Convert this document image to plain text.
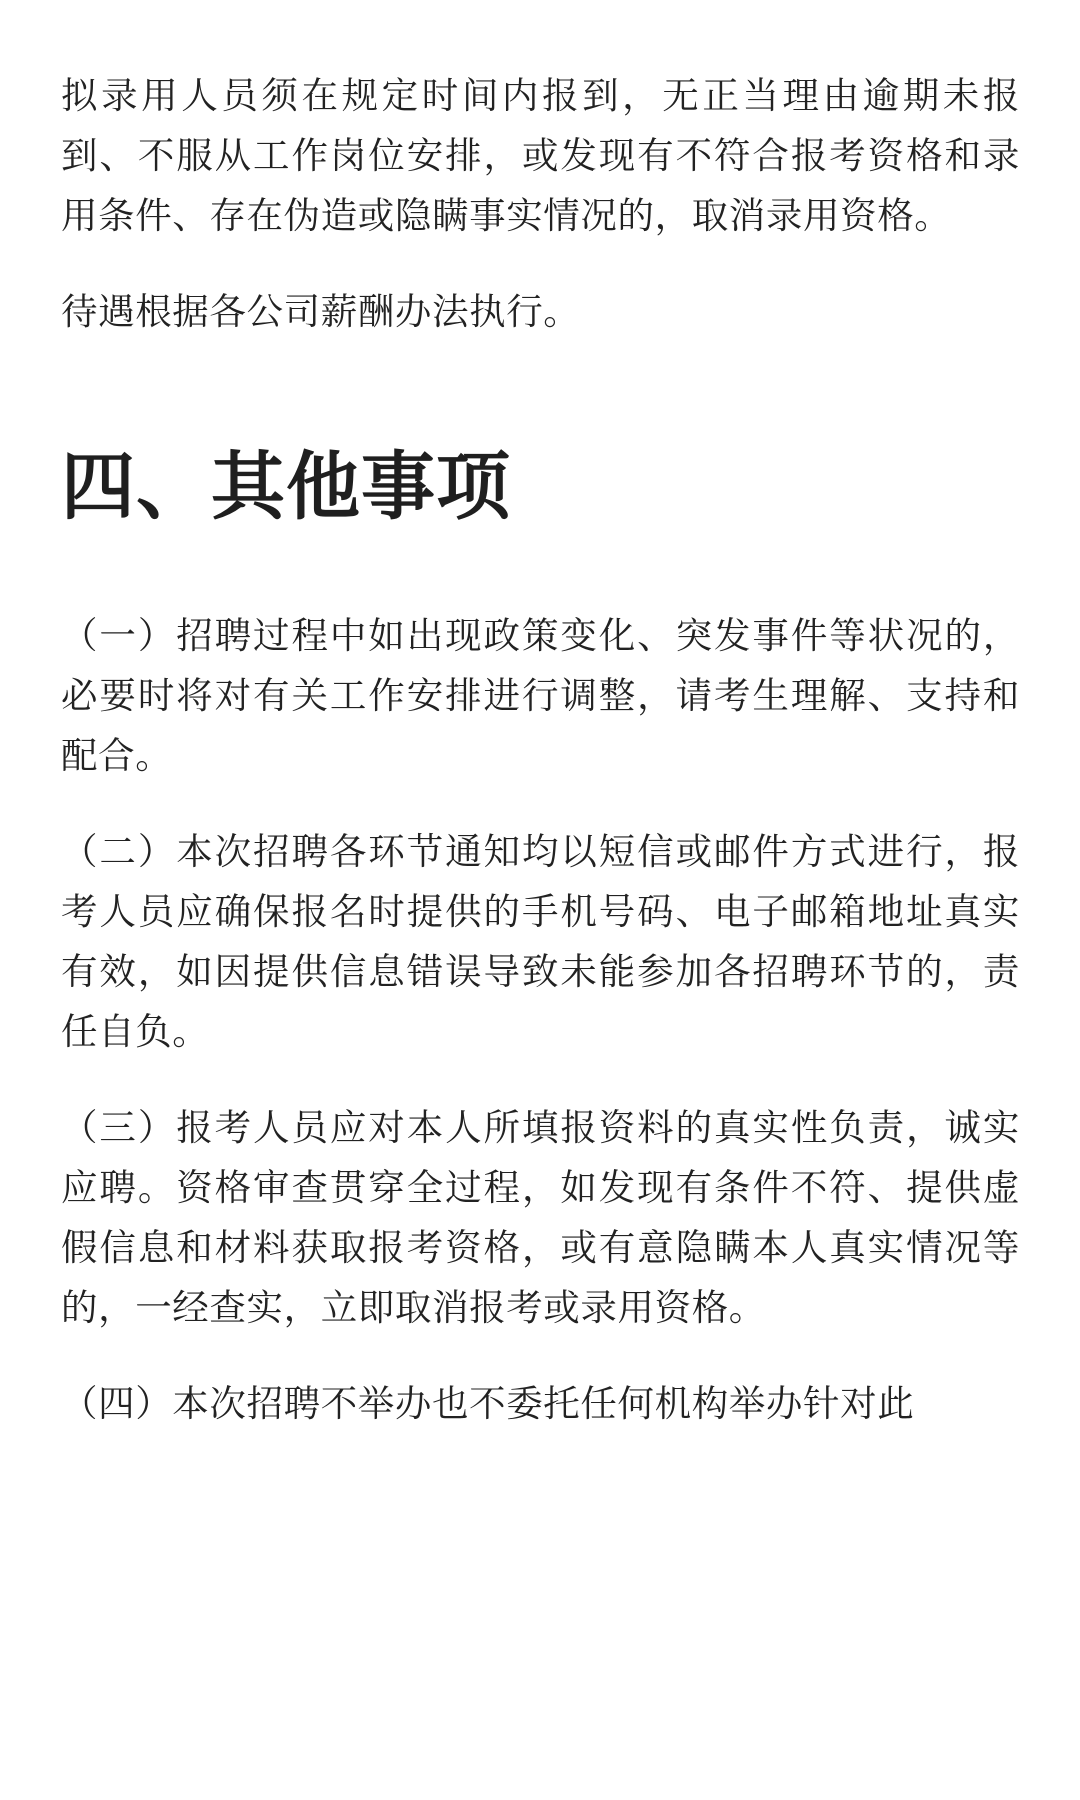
拟录用人员须在规定时间内报到，无正当理由逾期未报到、不服从工作岗位安排，或发现有不符合报考资格和录用条件、存在伪造或隐瞒事实情况的，取消录用资格。

待遇根据各公司薪酬办法执行。

四、其他事项

（一）招聘过程中如出现政策变化、突发事件等状况的，必要时将对有关工作安排进行调整，请考生理解、支持和配合。

（二）本次招聘各环节通知均以短信或邮件方式进行，报考人员应确保报名时提供的手机号码、电子邮箱地址真实有效，如因提供信息错误导致未能参加各招聘环节的，责任自负。

（三）报考人员应对本人所填报资料的真实性负责，诚实应聘。资格审查贯穿全过程，如发现有条件不符、提供虚假信息和材料获取报考资格，或有意隐瞒本人真实情况等的，一经查实，立即取消报考或录用资格。

（四）本次招聘不举办也不委托任何机构举办针对此
